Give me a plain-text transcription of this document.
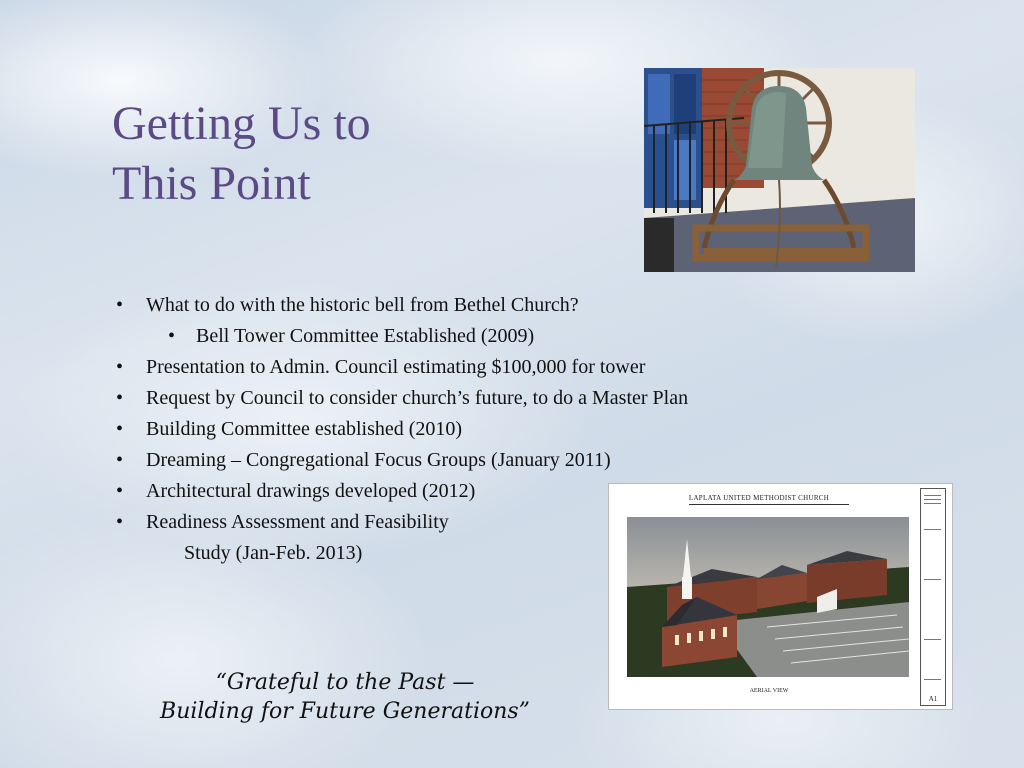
Getting Us to
This Point
• What to do with the historic bell from Bethel Church?
• Bell Tower Committee Established (2009)
• Presentation to Admin. Council estimating $100,000 for tower
• Request by Council to consider church’s future, to do a Master Plan
• Building Committee established (2010)
• Dreaming – Congregational Focus Groups (January 2011)
• Architectural drawings developed (2012)
• Readiness Assessment and Feasibility
Study (Jan-Feb. 2013)
“Grateful to the Past —
Building for Future Generations”
LAPLATA UNITED METHODIST CHURCH
AERIAL VIEW
A1
